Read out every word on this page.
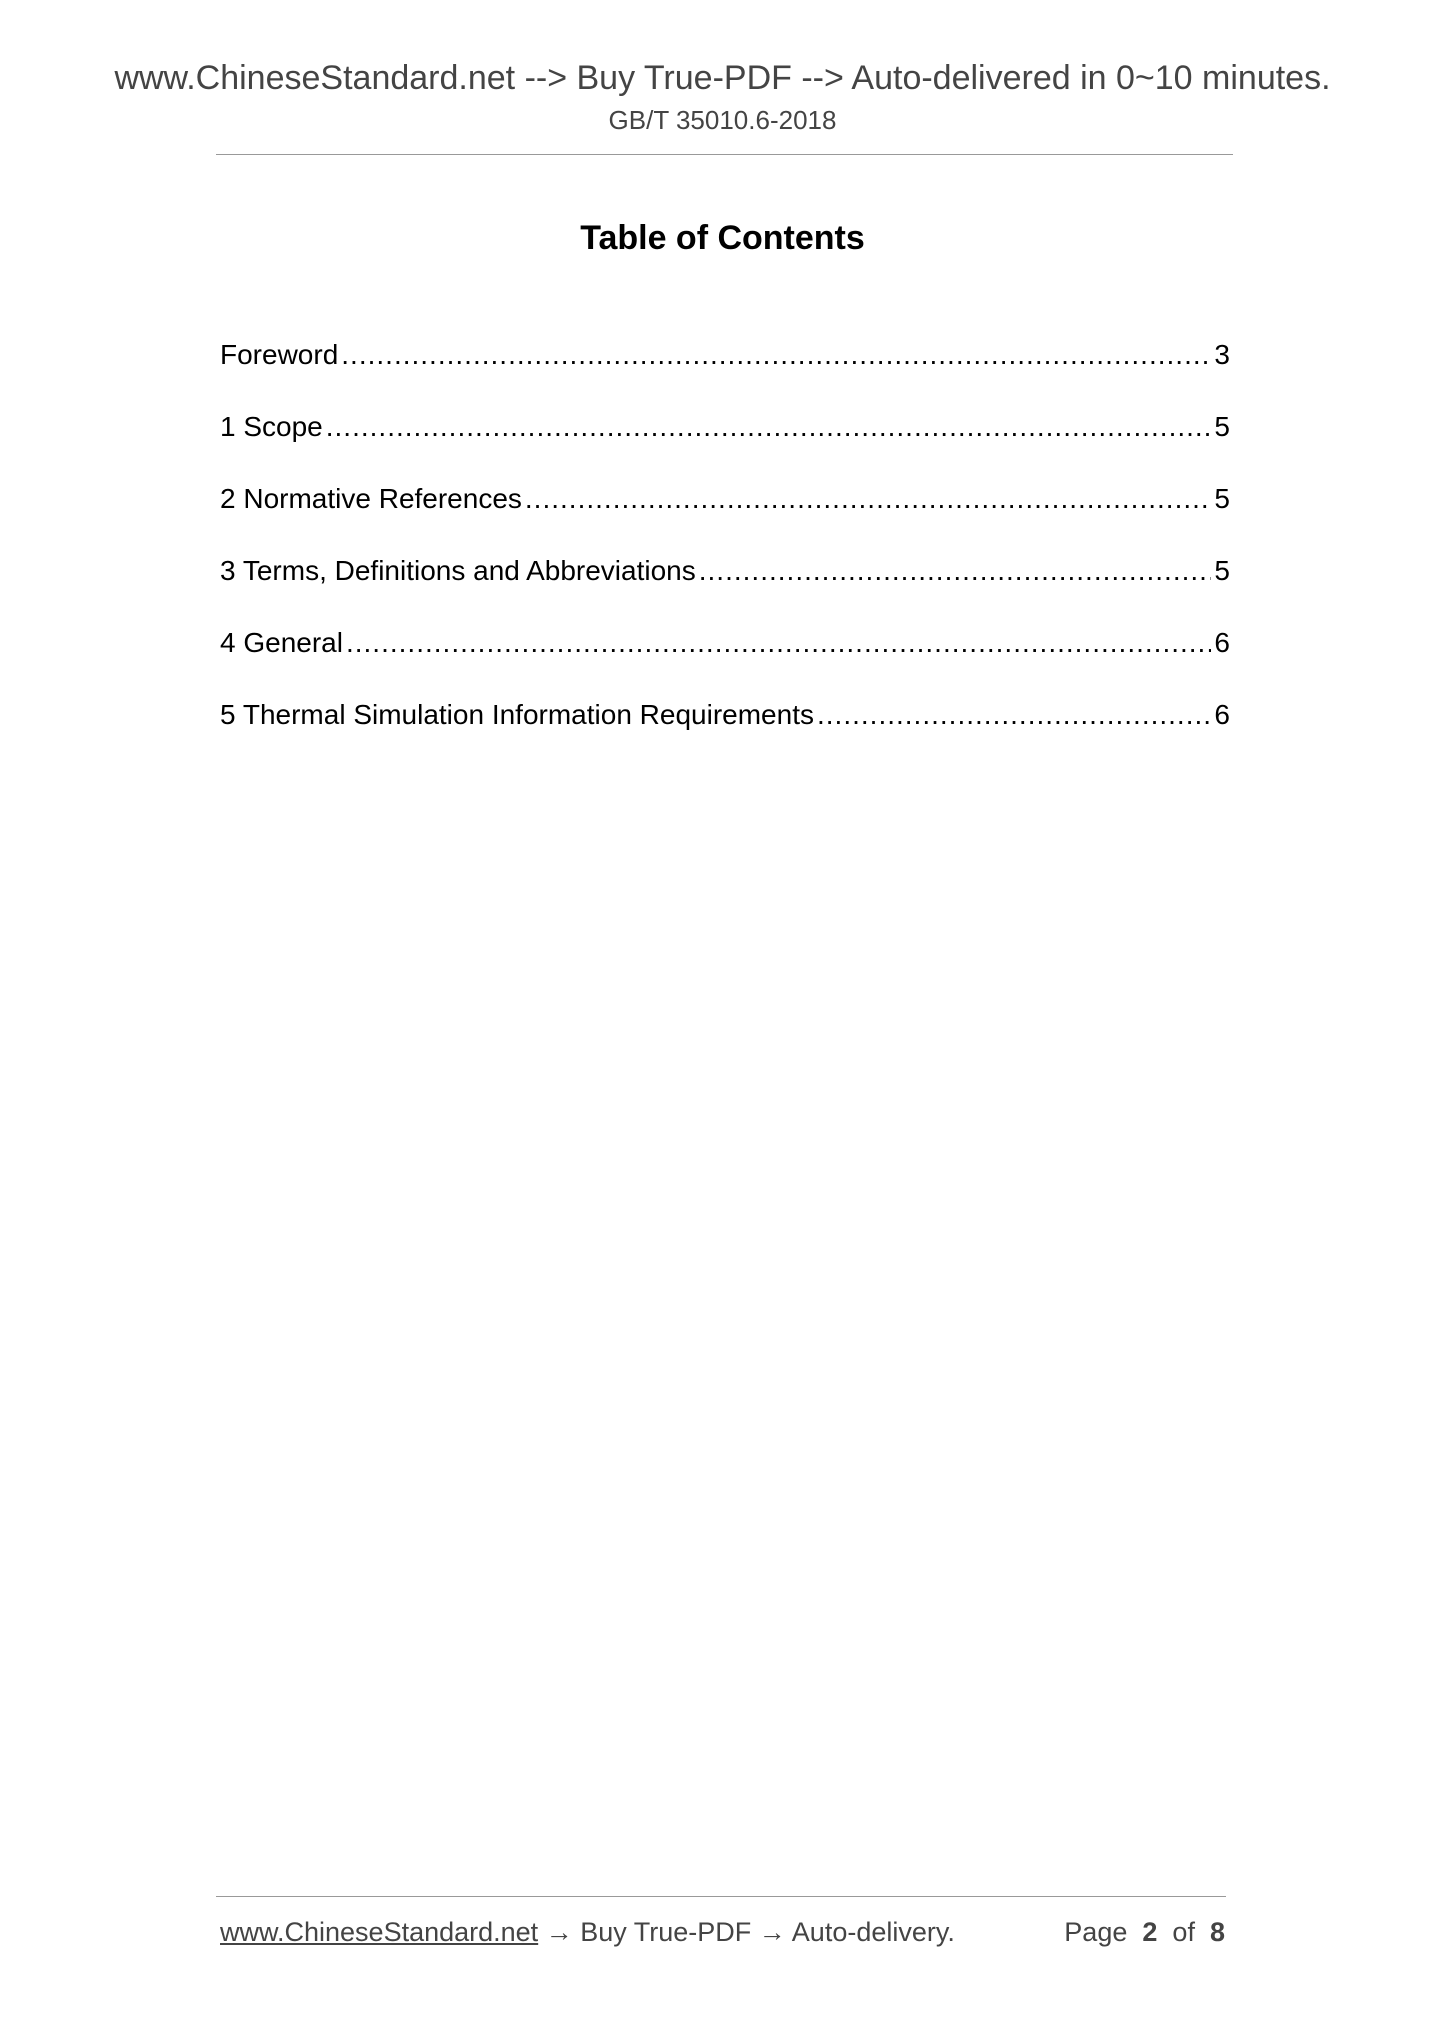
www.ChineseStandard.net --> Buy True-PDF --> Auto-delivered in 0~10 minutes.
GB/T 35010.6-2018
Table of Contents
Foreword .....	3
1 Scope .....	5
2 Normative References .....	5
3 Terms, Definitions and Abbreviations .....	5
4 General .....	6
5 Thermal Simulation Information Requirements .....	6
www.ChineseStandard.net → Buy True-PDF → Auto-delivery.	Page 2 of 8
